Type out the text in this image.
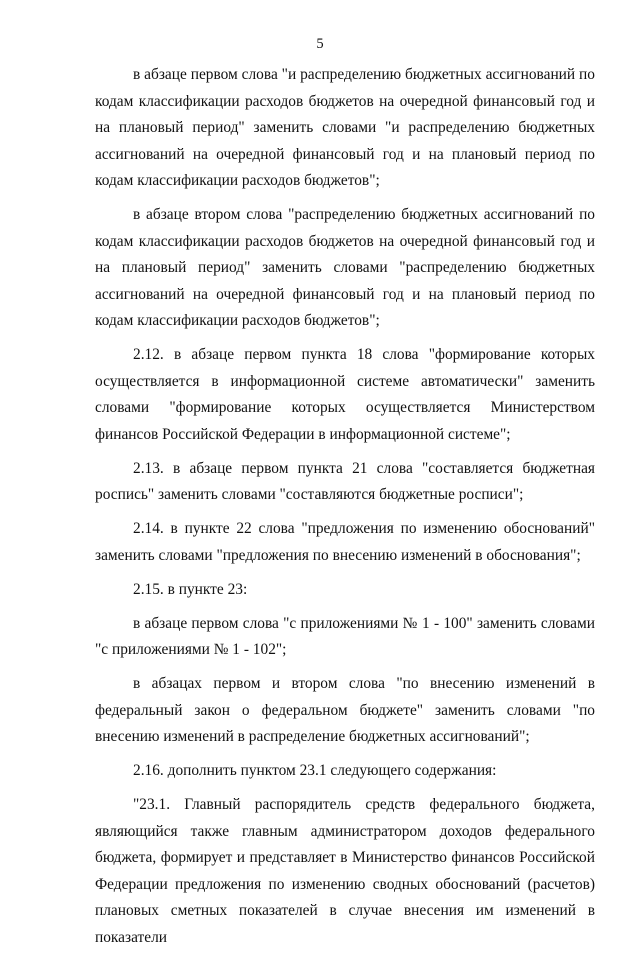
5

в абзаце первом слова "и распределению бюджетных ассигнований по кодам классификации расходов бюджетов на очередной финансовый год и на плановый период" заменить словами "и распределению бюджетных ассигнований на очередной финансовый год и на плановый период по кодам классификации расходов бюджетов";

в абзаце втором слова "распределению бюджетных ассигнований по кодам классификации расходов бюджетов на очередной финансовый год и на плановый период" заменить словами "распределению бюджетных ассигнований на очередной финансовый год и на плановый период по кодам классификации расходов бюджетов";

2.12. в абзаце первом пункта 18 слова "формирование которых осуществляется в информационной системе автоматически" заменить словами "формирование которых осуществляется Министерством финансов Российской Федерации в информационной системе";

2.13. в абзаце первом пункта 21 слова "составляется бюджетная роспись" заменить словами "составляются бюджетные росписи";

2.14. в пункте 22 слова "предложения по изменению обоснований" заменить словами "предложения по внесению изменений в обоснования";

2.15. в пункте 23:

в абзаце первом слова "с приложениями № 1 - 100" заменить словами "с приложениями № 1 - 102";

в абзацах первом и втором слова "по внесению изменений в федеральный закон о федеральном бюджете" заменить словами "по внесению изменений в распределение бюджетных ассигнований";

2.16. дополнить пунктом 23.1 следующего содержания:

"23.1. Главный распорядитель средств федерального бюджета, являющийся также главным администратором доходов федерального бюджета, формирует и представляет в Министерство финансов Российской Федерации предложения по изменению сводных обоснований (расчетов) плановых сметных показателей в случае внесения им изменений в показатели
